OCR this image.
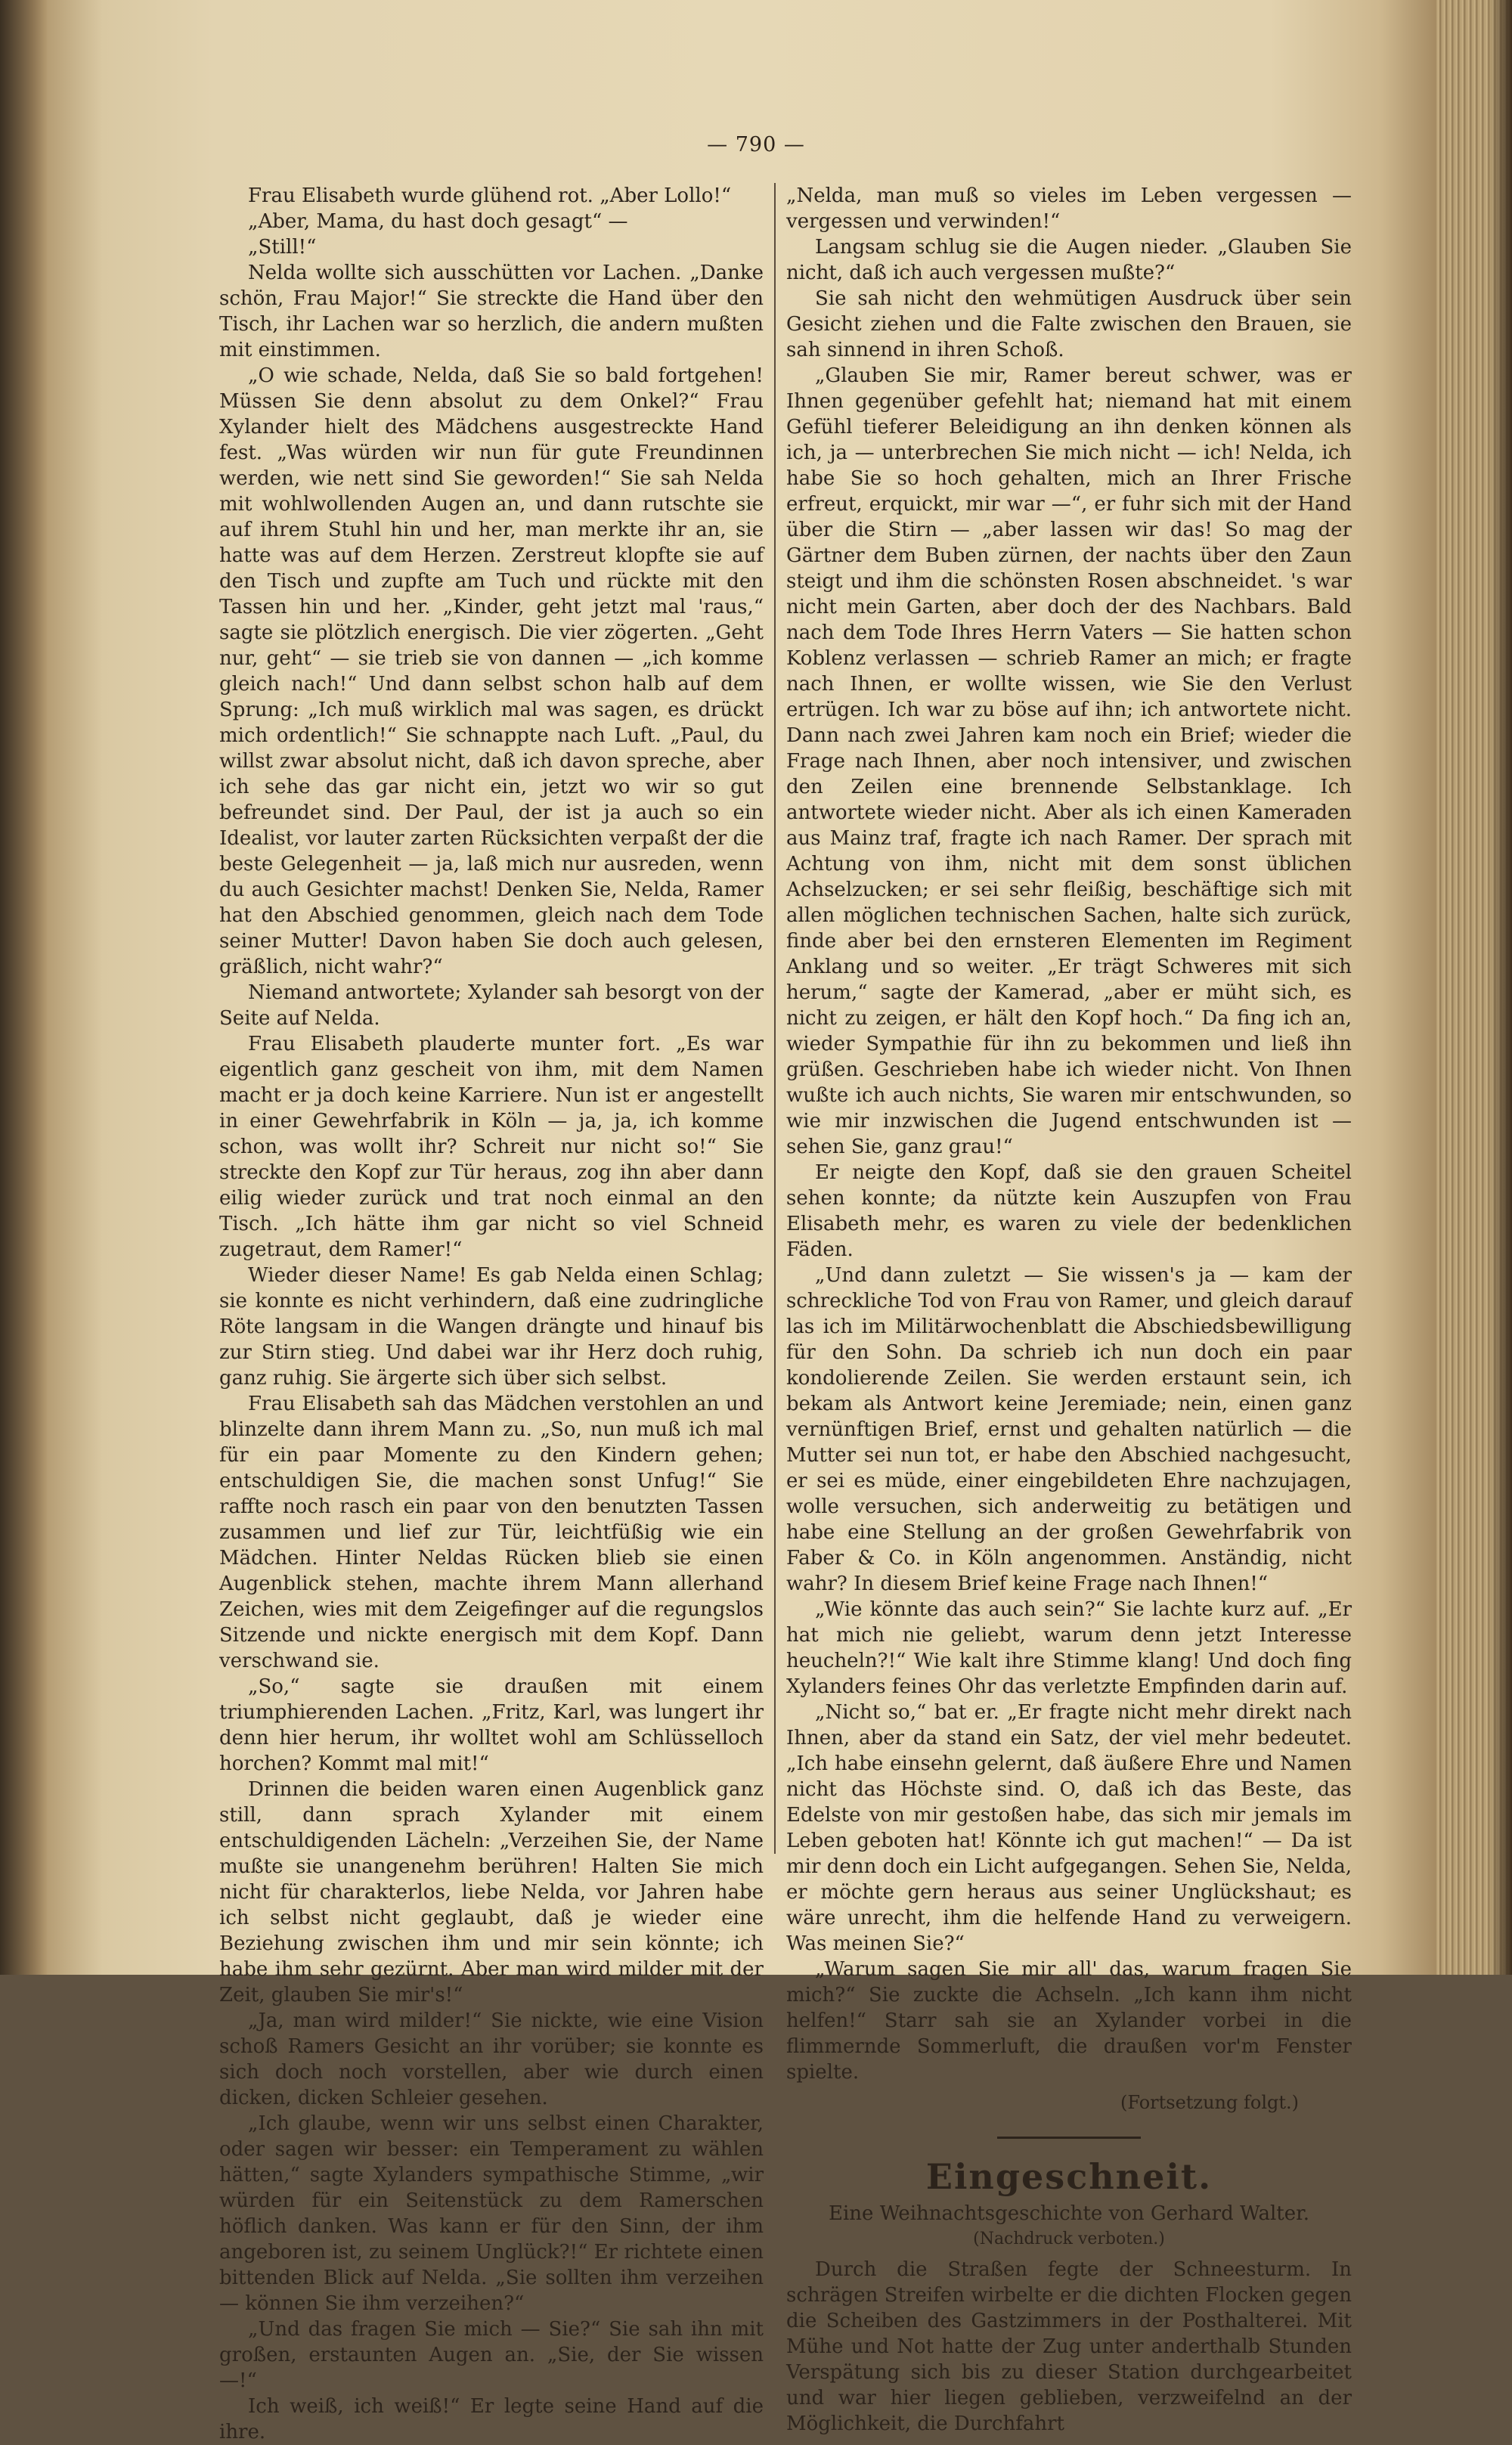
— 790 —

Frau Elisabeth wurde glühend rot. „Aber Lollo!“

„Aber, Mama, du hast doch gesagt“ —

„Still!“

Nelda wollte sich ausschütten vor Lachen. „Danke schön, Frau Major!“ Sie streckte die Hand über den Tisch, ihr Lachen war so herzlich, die andern mußten mit einstimmen.

„O wie schade, Nelda, daß Sie so bald fortgehen! Müssen Sie denn absolut zu dem Onkel?“ Frau Xylander hielt des Mädchens ausgestreckte Hand fest. „Was würden wir nun für gute Freundinnen werden, wie nett sind Sie geworden!“ Sie sah Nelda mit wohlwollenden Augen an, und dann rutschte sie auf ihrem Stuhl hin und her, man merkte ihr an, sie hatte was auf dem Herzen. Zerstreut klopfte sie auf den Tisch und zupfte am Tuch und rückte mit den Tassen hin und her. „Kinder, geht jetzt mal 'raus,“ sagte sie plötzlich energisch. Die vier zögerten. „Geht nur, geht“ — sie trieb sie von dannen — „ich komme gleich nach!“ Und dann selbst schon halb auf dem Sprung: „Ich muß wirklich mal was sagen, es drückt mich ordentlich!“ Sie schnappte nach Luft. „Paul, du willst zwar absolut nicht, daß ich davon spreche, aber ich sehe das gar nicht ein, jetzt wo wir so gut befreundet sind. Der Paul, der ist ja auch so ein Idealist, vor lauter zarten Rücksichten verpaßt der die beste Gelegenheit — ja, laß mich nur ausreden, wenn du auch Gesichter machst! Denken Sie, Nelda, Ramer hat den Abschied genommen, gleich nach dem Tode seiner Mutter! Davon haben Sie doch auch gelesen, gräßlich, nicht wahr?“

Niemand antwortete; Xylander sah besorgt von der Seite auf Nelda.

Frau Elisabeth plauderte munter fort. „Es war eigentlich ganz gescheit von ihm, mit dem Namen macht er ja doch keine Karriere. Nun ist er angestellt in einer Gewehrfabrik in Köln — ja, ja, ich komme schon, was wollt ihr? Schreit nur nicht so!“ Sie streckte den Kopf zur Tür heraus, zog ihn aber dann eilig wieder zurück und trat noch einmal an den Tisch. „Ich hätte ihm gar nicht so viel Schneid zugetraut, dem Ramer!“

Wieder dieser Name! Es gab Nelda einen Schlag; sie konnte es nicht verhindern, daß eine zudringliche Röte langsam in die Wangen drängte und hinauf bis zur Stirn stieg. Und dabei war ihr Herz doch ruhig, ganz ruhig. Sie ärgerte sich über sich selbst.

Frau Elisabeth sah das Mädchen verstohlen an und blinzelte dann ihrem Mann zu. „So, nun muß ich mal für ein paar Momente zu den Kindern gehen; entschuldigen Sie, die machen sonst Unfug!“ Sie raffte noch rasch ein paar von den benutzten Tassen zusammen und lief zur Tür, leichtfüßig wie ein Mädchen. Hinter Neldas Rücken blieb sie einen Augenblick stehen, machte ihrem Mann allerhand Zeichen, wies mit dem Zeigefinger auf die regungslos Sitzende und nickte energisch mit dem Kopf. Dann verschwand sie.

„So,“ sagte sie draußen mit einem triumphierenden Lachen. „Fritz, Karl, was lungert ihr denn hier herum, ihr wolltet wohl am Schlüsselloch horchen? Kommt mal mit!“

Drinnen die beiden waren einen Augenblick ganz still, dann sprach Xylander mit einem entschuldigenden Lächeln: „Verzeihen Sie, der Name mußte sie unangenehm berühren! Halten Sie mich nicht für charakterlos, liebe Nelda, vor Jahren habe ich selbst nicht geglaubt, daß je wieder eine Beziehung zwischen ihm und mir sein könnte; ich habe ihm sehr gezürnt. Aber man wird milder mit der Zeit, glauben Sie mir's!“

„Ja, man wird milder!“ Sie nickte, wie eine Vision schoß Ramers Gesicht an ihr vorüber; sie konnte es sich doch noch vorstellen, aber wie durch einen dicken, dicken Schleier gesehen.

„Ich glaube, wenn wir uns selbst einen Charakter, oder sagen wir besser: ein Temperament zu wählen hätten,“ sagte Xylanders sympathische Stimme, „wir würden für ein Seitenstück zu dem Ramerschen höflich danken. Was kann er für den Sinn, der ihm angeboren ist, zu seinem Unglück?!“ Er richtete einen bittenden Blick auf Nelda. „Sie sollten ihm verzeihen — können Sie ihm verzeihen?“

„Und das fragen Sie mich — Sie?“ Sie sah ihn mit großen, erstaunten Augen an. „Sie, der Sie wissen —!“

Ich weiß, ich weiß!“ Er legte seine Hand auf die ihre.

„Nelda, man muß so vieles im Leben vergessen — vergessen und verwinden!“

Langsam schlug sie die Augen nieder. „Glauben Sie nicht, daß ich auch vergessen mußte?“

Sie sah nicht den wehmütigen Ausdruck über sein Gesicht ziehen und die Falte zwischen den Brauen, sie sah sinnend in ihren Schoß.

„Glauben Sie mir, Ramer bereut schwer, was er Ihnen gegenüber gefehlt hat; niemand hat mit einem Gefühl tieferer Beleidigung an ihn denken können als ich, ja — unterbrechen Sie mich nicht — ich! Nelda, ich habe Sie so hoch gehalten, mich an Ihrer Frische erfreut, erquickt, mir war —“, er fuhr sich mit der Hand über die Stirn — „aber lassen wir das! So mag der Gärtner dem Buben zürnen, der nachts über den Zaun steigt und ihm die schönsten Rosen abschneidet. 's war nicht mein Garten, aber doch der des Nachbars. Bald nach dem Tode Ihres Herrn Vaters — Sie hatten schon Koblenz verlassen — schrieb Ramer an mich; er fragte nach Ihnen, er wollte wissen, wie Sie den Verlust ertrügen. Ich war zu böse auf ihn; ich antwortete nicht. Dann nach zwei Jahren kam noch ein Brief; wieder die Frage nach Ihnen, aber noch intensiver, und zwischen den Zeilen eine brennende Selbstanklage. Ich antwortete wieder nicht. Aber als ich einen Kameraden aus Mainz traf, fragte ich nach Ramer. Der sprach mit Achtung von ihm, nicht mit dem sonst üblichen Achselzucken; er sei sehr fleißig, beschäftige sich mit allen möglichen technischen Sachen, halte sich zurück, finde aber bei den ernsteren Elementen im Regiment Anklang und so weiter. „Er trägt Schweres mit sich herum,“ sagte der Kamerad, „aber er müht sich, es nicht zu zeigen, er hält den Kopf hoch.“ Da fing ich an, wieder Sympathie für ihn zu bekommen und ließ ihn grüßen. Geschrieben habe ich wieder nicht. Von Ihnen wußte ich auch nichts, Sie waren mir entschwunden, so wie mir inzwischen die Jugend entschwunden ist — sehen Sie, ganz grau!“

Er neigte den Kopf, daß sie den grauen Scheitel sehen konnte; da nützte kein Auszupfen von Frau Elisabeth mehr, es waren zu viele der bedenklichen Fäden.

„Und dann zuletzt — Sie wissen's ja — kam der schreckliche Tod von Frau von Ramer, und gleich darauf las ich im Militärwochenblatt die Abschiedsbewilligung für den Sohn. Da schrieb ich nun doch ein paar kondolierende Zeilen. Sie werden erstaunt sein, ich bekam als Antwort keine Jeremiade; nein, einen ganz vernünftigen Brief, ernst und gehalten natürlich — die Mutter sei nun tot, er habe den Abschied nachgesucht, er sei es müde, einer eingebildeten Ehre nachzujagen, wolle versuchen, sich anderweitig zu betätigen und habe eine Stellung an der großen Gewehrfabrik von Faber & Co. in Köln angenommen. Anständig, nicht wahr? In diesem Brief keine Frage nach Ihnen!“

„Wie könnte das auch sein?“ Sie lachte kurz auf. „Er hat mich nie geliebt, warum denn jetzt Interesse heucheln?!“ Wie kalt ihre Stimme klang! Und doch fing Xylanders feines Ohr das verletzte Empfinden darin auf.

„Nicht so,“ bat er. „Er fragte nicht mehr direkt nach Ihnen, aber da stand ein Satz, der viel mehr bedeutet. „Ich habe einsehn gelernt, daß äußere Ehre und Namen nicht das Höchste sind. O, daß ich das Beste, das Edelste von mir gestoßen habe, das sich mir jemals im Leben geboten hat! Könnte ich gut machen!“ — Da ist mir denn doch ein Licht aufgegangen. Sehen Sie, Nelda, er möchte gern heraus aus seiner Unglückshaut; es wäre unrecht, ihm die helfende Hand zu verweigern. Was meinen Sie?“

„Warum sagen Sie mir all' das, warum fragen Sie mich?“ Sie zuckte die Achseln. „Ich kann ihm nicht helfen!“ Starr sah sie an Xylander vorbei in die flimmernde Sommerluft, die draußen vor'm Fenster spielte.

(Fortsetzung folgt.)

Eingeschneit.

Eine Weihnachtsgeschichte von Gerhard Walter.

(Nachdruck verboten.)

Durch die Straßen fegte der Schneesturm. In schrägen Streifen wirbelte er die dichten Flocken gegen die Scheiben des Gastzimmers in der Posthalterei. Mit Mühe und Not hatte der Zug unter anderthalb Stunden Verspätung sich bis zu dieser Station durchgearbeitet und war hier liegen geblieben, verzweifelnd an der Möglichkeit, die Durchfahrt
